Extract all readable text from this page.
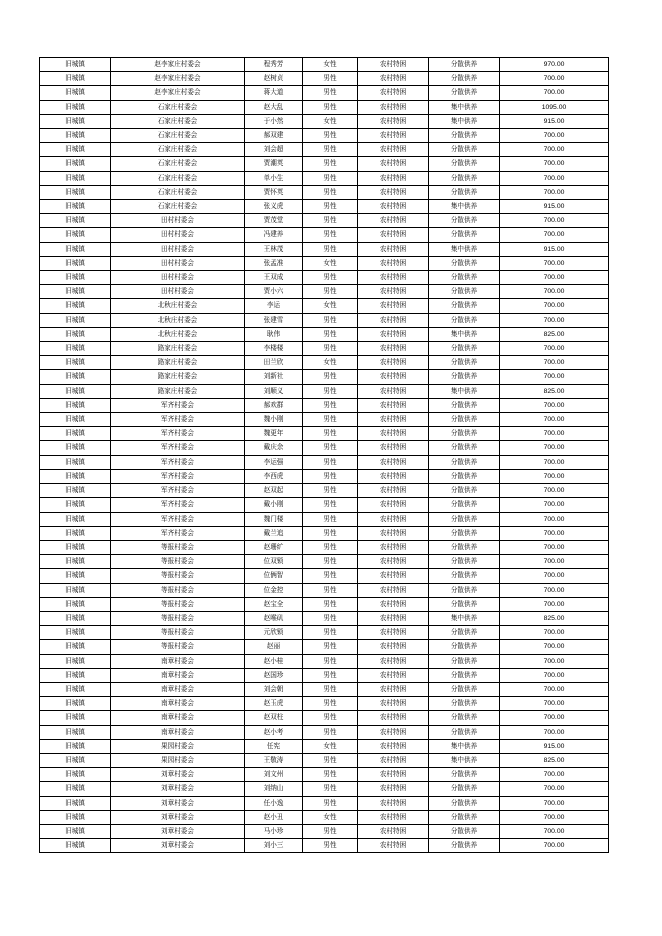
旧城镇	赵李家庄村委会	程秀芳	女性	农村特困	分散供养	970.00
旧城镇	赵李家庄村委会	赵树贞	男性	农村特困	分散供养	700.00
旧城镇	赵李家庄村委会	蒋大道	男性	农村特困	分散供养	700.00
旧城镇	石家庄村委会	赵大乱	男性	农村特困	集中供养	1095.00
旧城镇	石家庄村委会	于小然	女性	农村特困	集中供养	915.00
旧城镇	石家庄村委会	郝双建	男性	农村特困	分散供养	700.00
旧城镇	石家庄村委会	刘会超	男性	农村特困	分散供养	700.00
旧城镇	石家庄村委会	贾潮英	男性	农村特困	分散供养	700.00
旧城镇	石家庄村委会	单小生	男性	农村特困	分散供养	700.00
旧城镇	石家庄村委会	贾怀英	男性	农村特困	分散供养	700.00
旧城镇	石家庄村委会	张义虎	男性	农村特困	集中供养	915.00
旧城镇	田村村委会	贾茂堂	男性	农村特困	分散供养	700.00
旧城镇	田村村委会	冯建养	男性	农村特困	分散供养	700.00
旧城镇	田村村委会	王林茂	男性	农村特困	集中供养	915.00
旧城镇	田村村委会	张孟准	女性	农村特困	分散供养	700.00
旧城镇	田村村委会	王双成	男性	农村特困	分散供养	700.00
旧城镇	田村村委会	贾小六	男性	农村特困	分散供养	700.00
旧城镇	北秋庄村委会	李运	女性	农村特困	分散供养	700.00
旧城镇	北秋庄村委会	张建雪	男性	农村特困	分散供养	700.00
旧城镇	北秋庄村委会	耿伟	男性	农村特困	集中供养	825.00
旧城镇	路家庄村委会	李楼楼	男性	农村特困	分散供养	700.00
旧城镇	路家庄村委会	田兰欣	女性	农村特困	分散供养	700.00
旧城镇	路家庄村委会	刘新社	男性	农村特困	分散供养	700.00
旧城镇	路家庄村委会	刘顺义	男性	农村特困	集中供养	825.00
旧城镇	军齐村委会	郝欢群	男性	农村特困	分散供养	700.00
旧城镇	军齐村委会	魏小刚	男性	农村特困	分散供养	700.00
旧城镇	军齐村委会	魏更年	男性	农村特困	分散供养	700.00
旧城镇	军齐村委会	戴庆余	男性	农村特困	分散供养	700.00
旧城镇	军齐村委会	李运强	男性	农村特困	分散供养	700.00
旧城镇	军齐村委会	李西虎	男性	农村特困	分散供养	700.00
旧城镇	军齐村委会	赵双起	男性	农村特困	分散供养	700.00
旧城镇	军齐村委会	戴小刚	男性	农村特困	分散供养	700.00
旧城镇	军齐村委会	魏门楼	男性	农村特困	分散供养	700.00
旧城镇	军齐村委会	戴兰追	男性	农村特困	分散供养	700.00
旧城镇	等报村委会	赵珊纩	男性	农村特困	分散供养	700.00
旧城镇	等报村委会	位双锁	男性	农村特困	分散供养	700.00
旧城镇	等报村委会	位俩智	男性	农村特困	分散供养	700.00
旧城镇	等报村委会	位金控	男性	农村特困	分散供养	700.00
旧城镇	等报村委会	赵宝全	男性	农村特困	分散供养	700.00
旧城镇	等报村委会	赵喉矶	男性	农村特困	集中供养	825.00
旧城镇	等报村委会	元欣锁	男性	农村特困	分散供养	700.00
旧城镇	等报村委会	赵丽	男性	农村特困	分散供养	700.00
旧城镇	南章村委会	赵小桂	男性	农村特困	分散供养	700.00
旧城镇	南章村委会	赵国珍	男性	农村特困	分散供养	700.00
旧城镇	南章村委会	刘会朝	男性	农村特困	分散供养	700.00
旧城镇	南章村委会	赵玉虎	男性	农村特困	分散供养	700.00
旧城镇	南章村委会	赵双柱	男性	农村特困	分散供养	700.00
旧城镇	南章村委会	赵小考	男性	农村特困	分散供养	700.00
旧城镇	果园村委会	任宪	女性	农村特困	集中供养	915.00
旧城镇	果园村委会	王敬涛	男性	农村特困	集中供养	825.00
旧城镇	刘章村委会	刘文州	男性	农村特困	分散供养	700.00
旧城镇	刘章村委会	刘纳山	男性	农村特困	分散供养	700.00
旧城镇	刘章村委会	任小逸	男性	农村特困	分散供养	700.00
旧城镇	刘章村委会	赵小丑	女性	农村特困	分散供养	700.00
旧城镇	刘章村委会	马小珍	男性	农村特困	分散供养	700.00
旧城镇	刘章村委会	刘小三	男性	农村特困	分散供养	700.00
